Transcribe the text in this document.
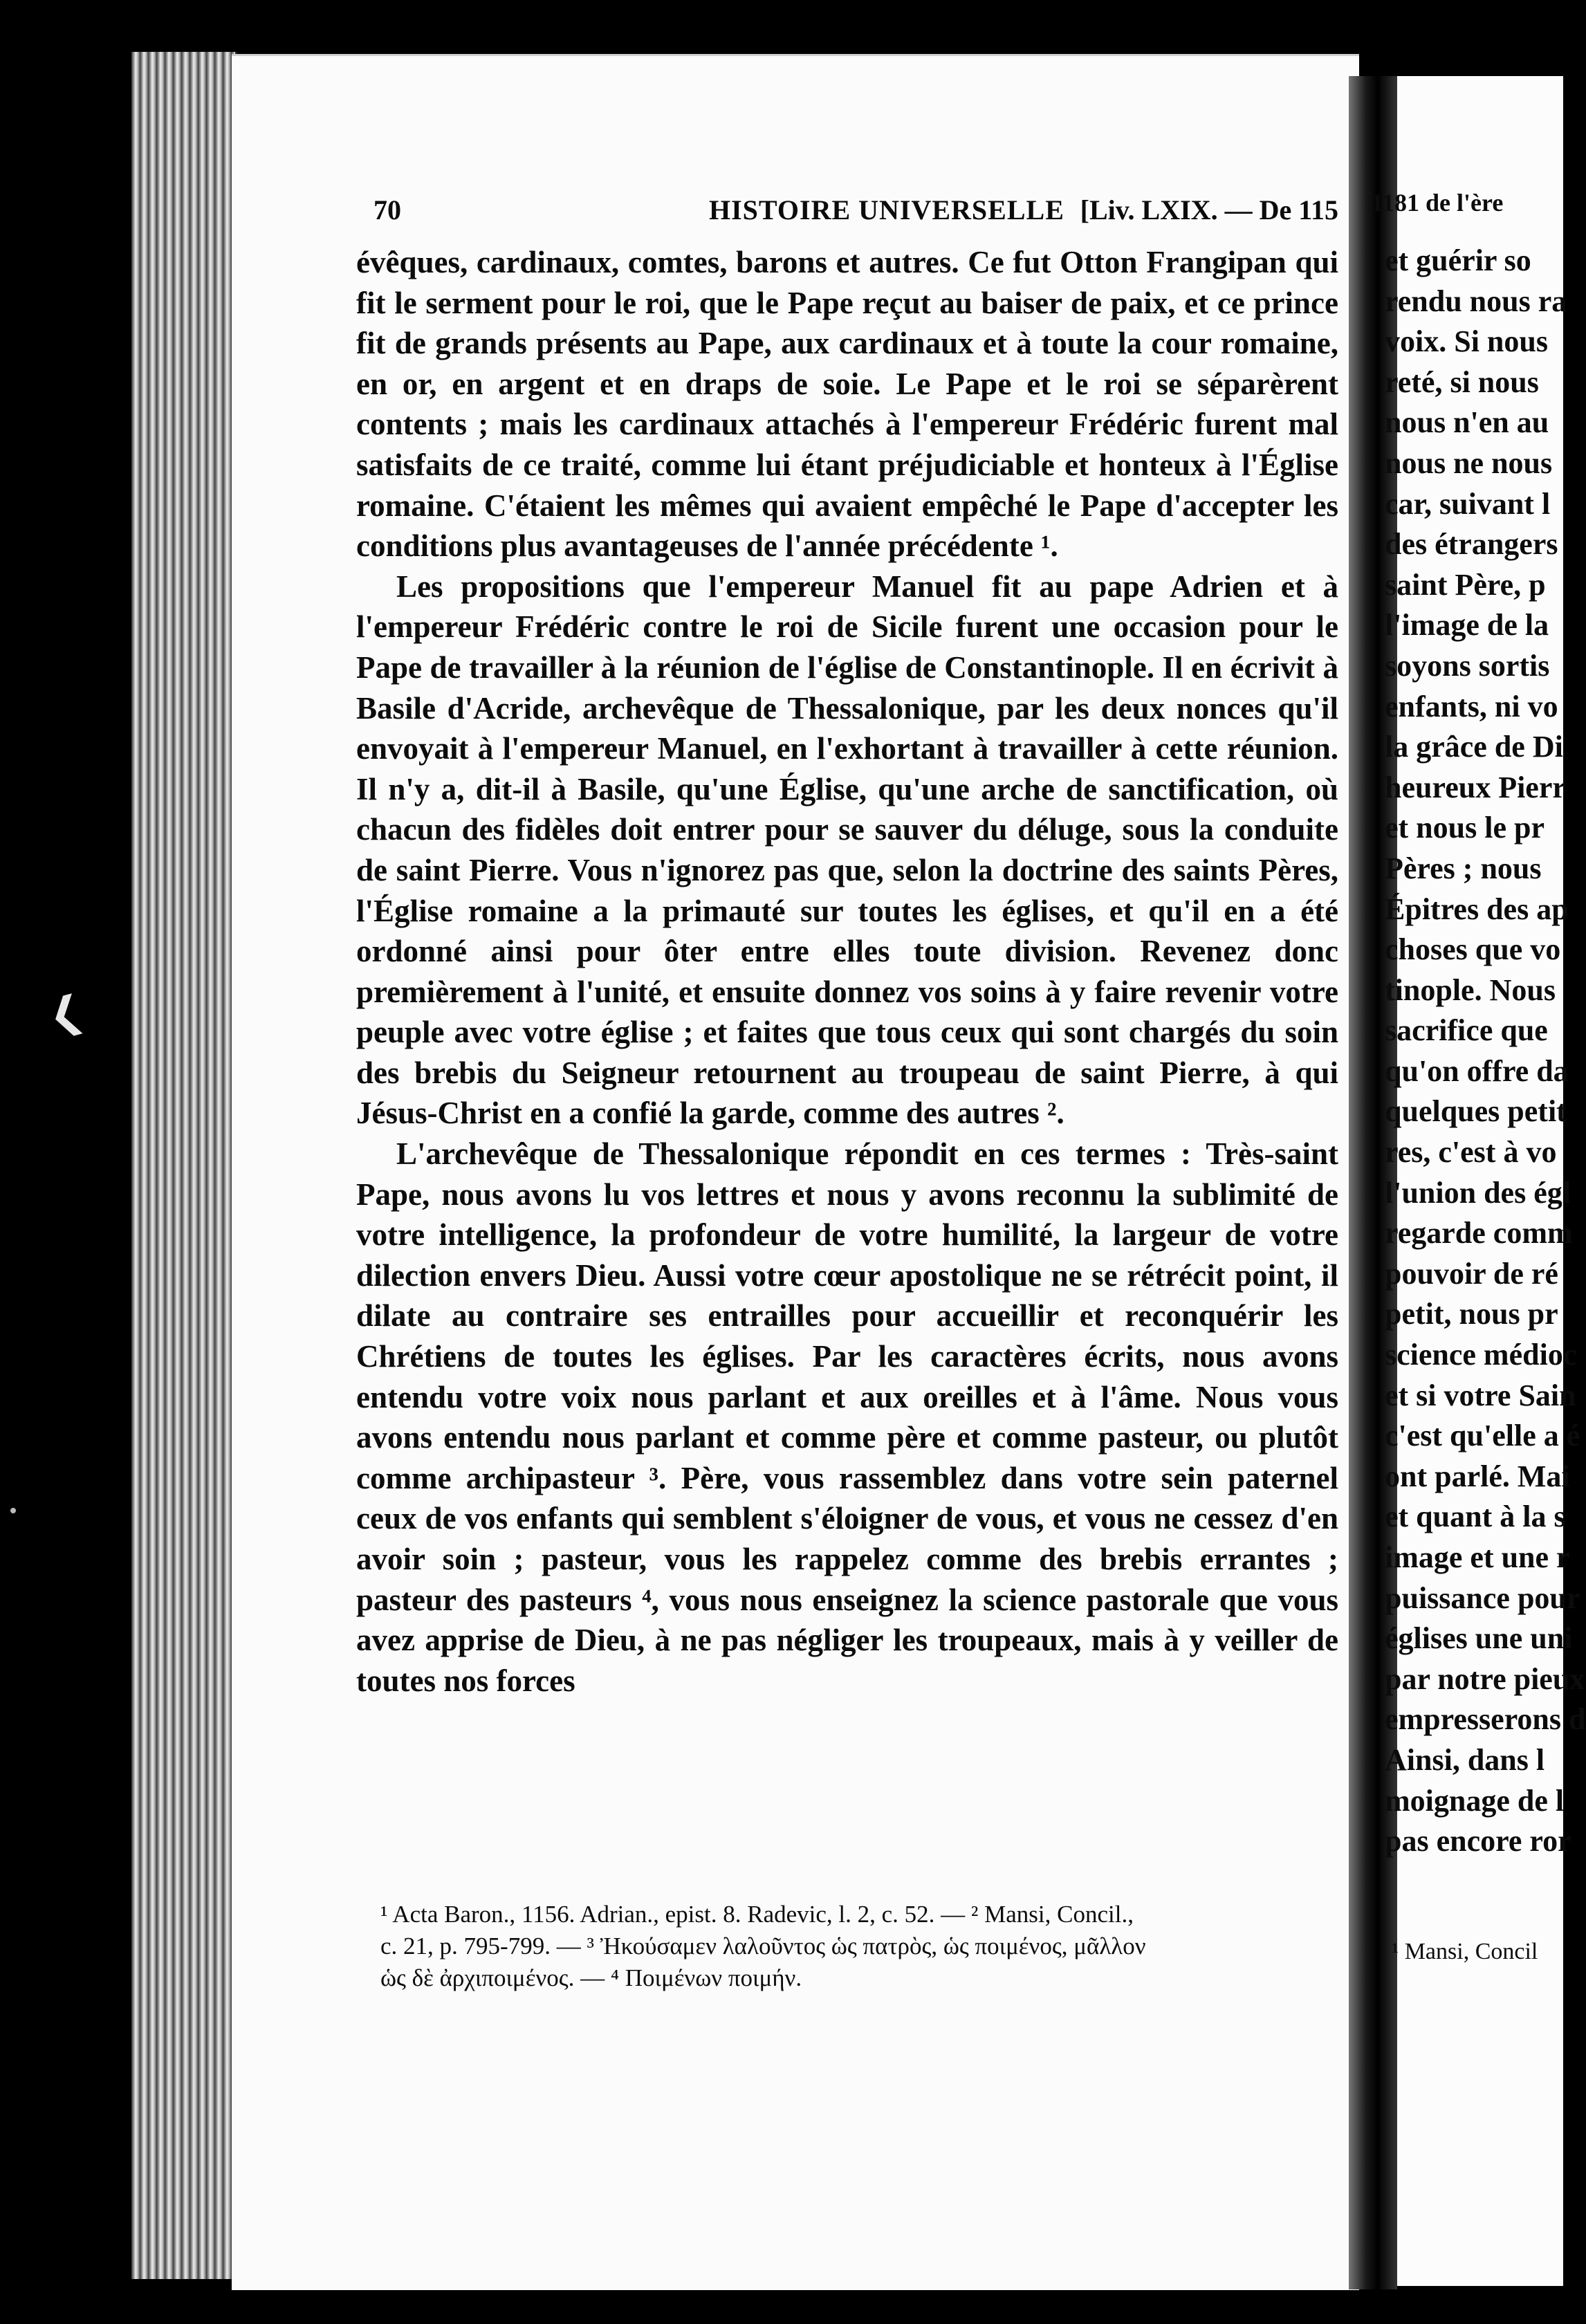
❮
70	HISTOIRE UNIVERSELLE [Liv. LXIX. — De 115

évêques, cardinaux, comtes, barons et autres. Ce fut Otton Frangipan qui fit le serment pour le roi, que le Pape reçut au baiser de paix, et ce prince fit de grands présents au Pape, aux cardinaux et à toute la cour romaine, en or, en argent et en draps de soie. Le Pape et le roi se séparèrent contents ; mais les cardinaux attachés à l'empereur Frédéric furent mal satisfaits de ce traité, comme lui étant préjudiciable et honteux à l'Église romaine. C'étaient les mêmes qui avaient empêché le Pape d'accepter les conditions plus avantageuses de l'année précédente ¹.

Les propositions que l'empereur Manuel fit au pape Adrien et à l'empereur Frédéric contre le roi de Sicile furent une occasion pour le Pape de travailler à la réunion de l'église de Constantinople. Il en écrivit à Basile d'Acride, archevêque de Thessalonique, par les deux nonces qu'il envoyait à l'empereur Manuel, en l'exhortant à travailler à cette réunion. Il n'y a, dit-il à Basile, qu'une Église, qu'une arche de sanctification, où chacun des fidèles doit entrer pour se sauver du déluge, sous la conduite de saint Pierre. Vous n'ignorez pas que, selon la doctrine des saints Pères, l'Église romaine a la primauté sur toutes les églises, et qu'il en a été ordonné ainsi pour ôter entre elles toute division. Revenez donc premièrement à l'unité, et ensuite donnez vos soins à y faire revenir votre peuple avec votre église ; et faites que tous ceux qui sont chargés du soin des brebis du Seigneur retournent au troupeau de saint Pierre, à qui Jésus-Christ en a confié la garde, comme des autres ².

L'archevêque de Thessalonique répondit en ces termes : Très-saint Pape, nous avons lu vos lettres et nous y avons reconnu la sublimité de votre intelligence, la profondeur de votre humilité, la largeur de votre dilection envers Dieu. Aussi votre cœur apostolique ne se rétrécit point, il dilate au contraire ses entrailles pour accueillir et reconquérir les Chrétiens de toutes les églises. Par les caractères écrits, nous avons entendu votre voix nous parlant et aux oreilles et à l'âme. Nous vous avons entendu nous parlant et comme père et comme pasteur, ou plutôt comme archipasteur ³. Père, vous rassemblez dans votre sein paternel ceux de vos enfants qui semblent s'éloigner de vous, et vous ne cessez d'en avoir soin ; pasteur, vous les rappelez comme des brebis errantes ; pasteur des pasteurs ⁴, vous nous enseignez la science pastorale que vous avez apprise de Dieu, à ne pas négliger les troupeaux, mais à y veiller de toutes nos forces

¹ Acta Baron., 1156. Adrian., epist. 8. Radevic, l. 2, c. 52. — ² Mansi, Concil.,

c. 21, p. 795-799. — ³ Ἠκούσαμεν λαλοῦντος ὡς πατρὸς, ὡς ποιμένος, μᾶλλον

ὡς δὲ ἀρχιποιμένος. — ⁴ Ποιμένων ποιμήν.

1181 de l'ère
et guérir so
rendu nous ra
voix. Si nous
reté, si nous
nous n'en au
nous ne nous
car, suivant l
des étrangers
saint Père, p
l'image de la
soyons sortis
enfants, ni vo
la grâce de Di
heureux Pierr
et nous le pr
Pères ; nous
Épitres des ap
choses que vo
tinople. Nous
sacrifice que
qu'on offre da
quelques petit
res, c'est à vo
l'union des égl
regarde comm
pouvoir de ré
petit, nous pr
science médioc
et si votre Sain
c'est qu'elle a é
ont parlé. Mai
et quant à la s
image et une r
puissance pour
églises une uni
par notre pieux
empresserons d
Ainsi, dans l
moignage de l
pas encore ror
¹ Mansi, Concil
